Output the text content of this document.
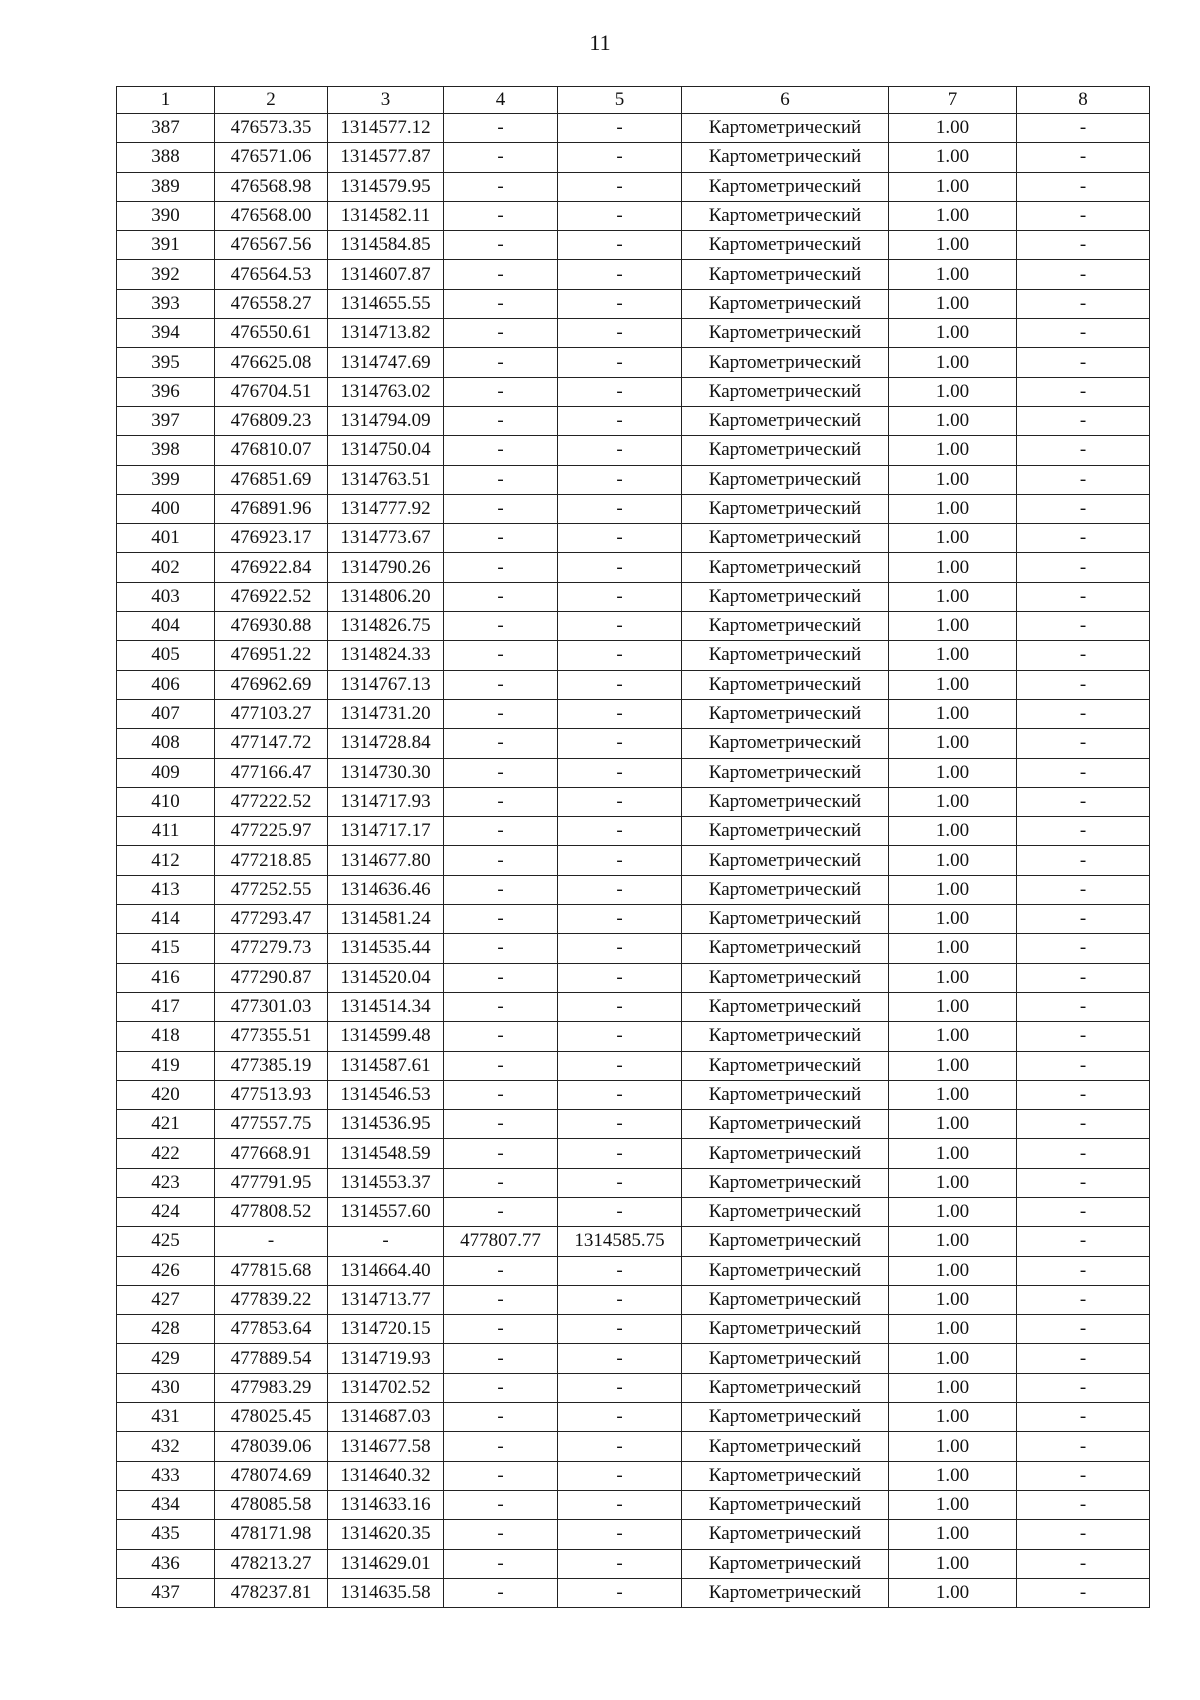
11
1	2	3	4	5	6	7	8
387	476573.35	1314577.12	-	-	Картометрический	1.00	-
388	476571.06	1314577.87	-	-	Картометрический	1.00	-
389	476568.98	1314579.95	-	-	Картометрический	1.00	-
390	476568.00	1314582.11	-	-	Картометрический	1.00	-
391	476567.56	1314584.85	-	-	Картометрический	1.00	-
392	476564.53	1314607.87	-	-	Картометрический	1.00	-
393	476558.27	1314655.55	-	-	Картометрический	1.00	-
394	476550.61	1314713.82	-	-	Картометрический	1.00	-
395	476625.08	1314747.69	-	-	Картометрический	1.00	-
396	476704.51	1314763.02	-	-	Картометрический	1.00	-
397	476809.23	1314794.09	-	-	Картометрический	1.00	-
398	476810.07	1314750.04	-	-	Картометрический	1.00	-
399	476851.69	1314763.51	-	-	Картометрический	1.00	-
400	476891.96	1314777.92	-	-	Картометрический	1.00	-
401	476923.17	1314773.67	-	-	Картометрический	1.00	-
402	476922.84	1314790.26	-	-	Картометрический	1.00	-
403	476922.52	1314806.20	-	-	Картометрический	1.00	-
404	476930.88	1314826.75	-	-	Картометрический	1.00	-
405	476951.22	1314824.33	-	-	Картометрический	1.00	-
406	476962.69	1314767.13	-	-	Картометрический	1.00	-
407	477103.27	1314731.20	-	-	Картометрический	1.00	-
408	477147.72	1314728.84	-	-	Картометрический	1.00	-
409	477166.47	1314730.30	-	-	Картометрический	1.00	-
410	477222.52	1314717.93	-	-	Картометрический	1.00	-
411	477225.97	1314717.17	-	-	Картометрический	1.00	-
412	477218.85	1314677.80	-	-	Картометрический	1.00	-
413	477252.55	1314636.46	-	-	Картометрический	1.00	-
414	477293.47	1314581.24	-	-	Картометрический	1.00	-
415	477279.73	1314535.44	-	-	Картометрический	1.00	-
416	477290.87	1314520.04	-	-	Картометрический	1.00	-
417	477301.03	1314514.34	-	-	Картометрический	1.00	-
418	477355.51	1314599.48	-	-	Картометрический	1.00	-
419	477385.19	1314587.61	-	-	Картометрический	1.00	-
420	477513.93	1314546.53	-	-	Картометрический	1.00	-
421	477557.75	1314536.95	-	-	Картометрический	1.00	-
422	477668.91	1314548.59	-	-	Картометрический	1.00	-
423	477791.95	1314553.37	-	-	Картометрический	1.00	-
424	477808.52	1314557.60	-	-	Картометрический	1.00	-
425	-	-	477807.77	1314585.75	Картометрический	1.00	-
426	477815.68	1314664.40	-	-	Картометрический	1.00	-
427	477839.22	1314713.77	-	-	Картометрический	1.00	-
428	477853.64	1314720.15	-	-	Картометрический	1.00	-
429	477889.54	1314719.93	-	-	Картометрический	1.00	-
430	477983.29	1314702.52	-	-	Картометрический	1.00	-
431	478025.45	1314687.03	-	-	Картометрический	1.00	-
432	478039.06	1314677.58	-	-	Картометрический	1.00	-
433	478074.69	1314640.32	-	-	Картометрический	1.00	-
434	478085.58	1314633.16	-	-	Картометрический	1.00	-
435	478171.98	1314620.35	-	-	Картометрический	1.00	-
436	478213.27	1314629.01	-	-	Картометрический	1.00	-
437	478237.81	1314635.58	-	-	Картометрический	1.00	-
